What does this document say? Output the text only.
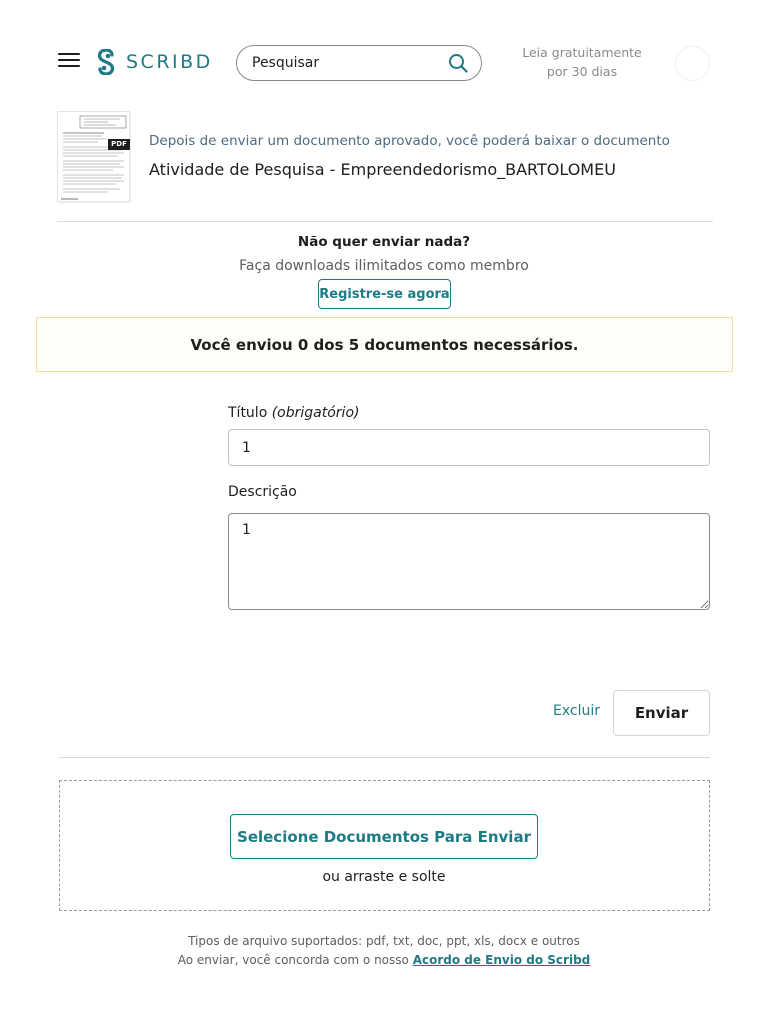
SCRIBD
Pesquisar	Leia gratuitamente
por 30 dias
PDF Depois de enviar um documento aprovado, você poderá baixar o documento
Atividade de Pesquisa - Empreendedorismo_BARTOLOMEU
Não quer enviar nada?
Faça downloads ilimitados como membro
Registre-se agora
Você enviou 0 dos 5 documentos necessários.
Título (obrigatório)
1
Descrição
1
Excluir	Enviar
Selecione Documentos Para Enviar
ou arraste e solte
Tipos de arquivo suportados: pdf, txt, doc, ppt, xls, docx e outros
Ao enviar, você concorda com o nosso Acordo de Envio do Scribd
